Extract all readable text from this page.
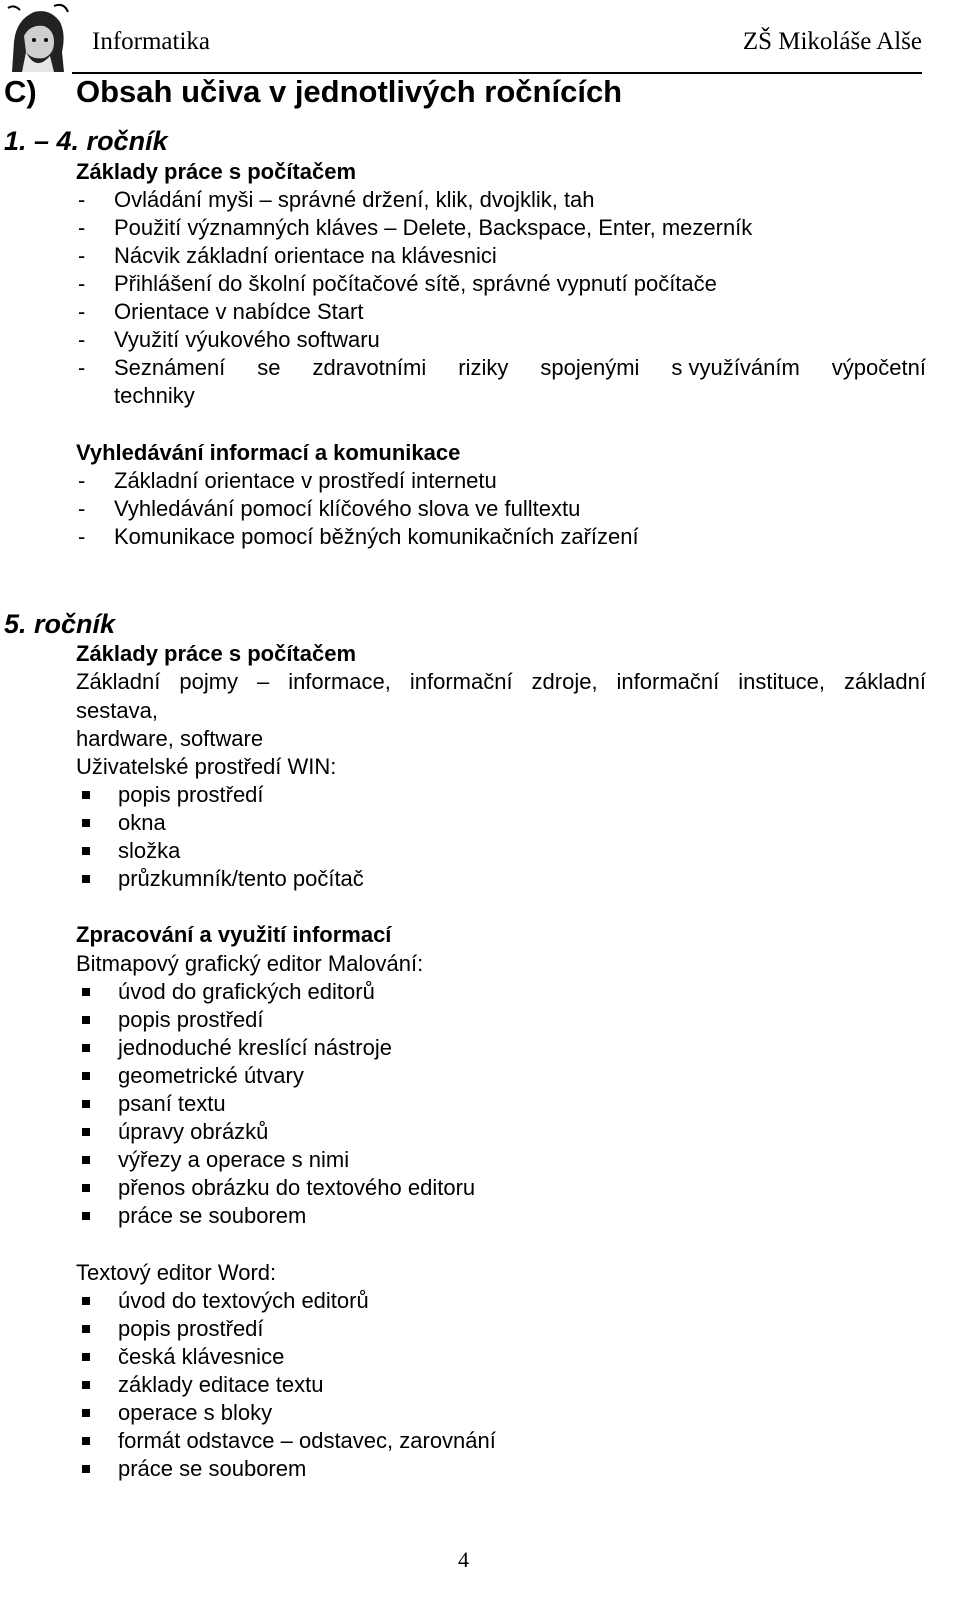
Informatika	ZŠ Mikoláše Alše
C) Obsah učiva v jednotlivých ročnících
1. – 4. ročník
Základy práce s počítačem
- Ovládání myši – správné držení, klik, dvojklik, tah
- Použití významných kláves – Delete, Backspace, Enter, mezerník
- Nácvik základní orientace na klávesnici
- Přihlášení do školní počítačové sítě, správné vypnutí počítače
- Orientace v nabídce Start
- Využití výukového softwaru
- Seznámení se zdravotními riziky spojenými s využíváním výpočetní
techniky
Vyhledávání informací a komunikace
- Základní orientace v prostředí internetu
- Vyhledávání pomocí klíčového slova ve fulltextu
- Komunikace pomocí běžných komunikačních zařízení
5. ročník
Základy práce s počítačem
Základní pojmy – informace, informační zdroje, informační instituce, základní
sestava,
hardware, software
Uživatelské prostředí WIN:
popis prostředí
okna
složka
průzkumník/tento počítač
Zpracování a využití informací
Bitmapový grafický editor Malování:
úvod do grafických editorů
popis prostředí
jednoduché kreslící nástroje
geometrické útvary
psaní textu
úpravy obrázků
výřezy a operace s nimi
přenos obrázku do textového editoru
práce se souborem
Textový editor Word:
úvod do textových editorů
popis prostředí
česká klávesnice
základy editace textu
operace s bloky
formát odstavce – odstavec, zarovnání
práce se souborem
4
